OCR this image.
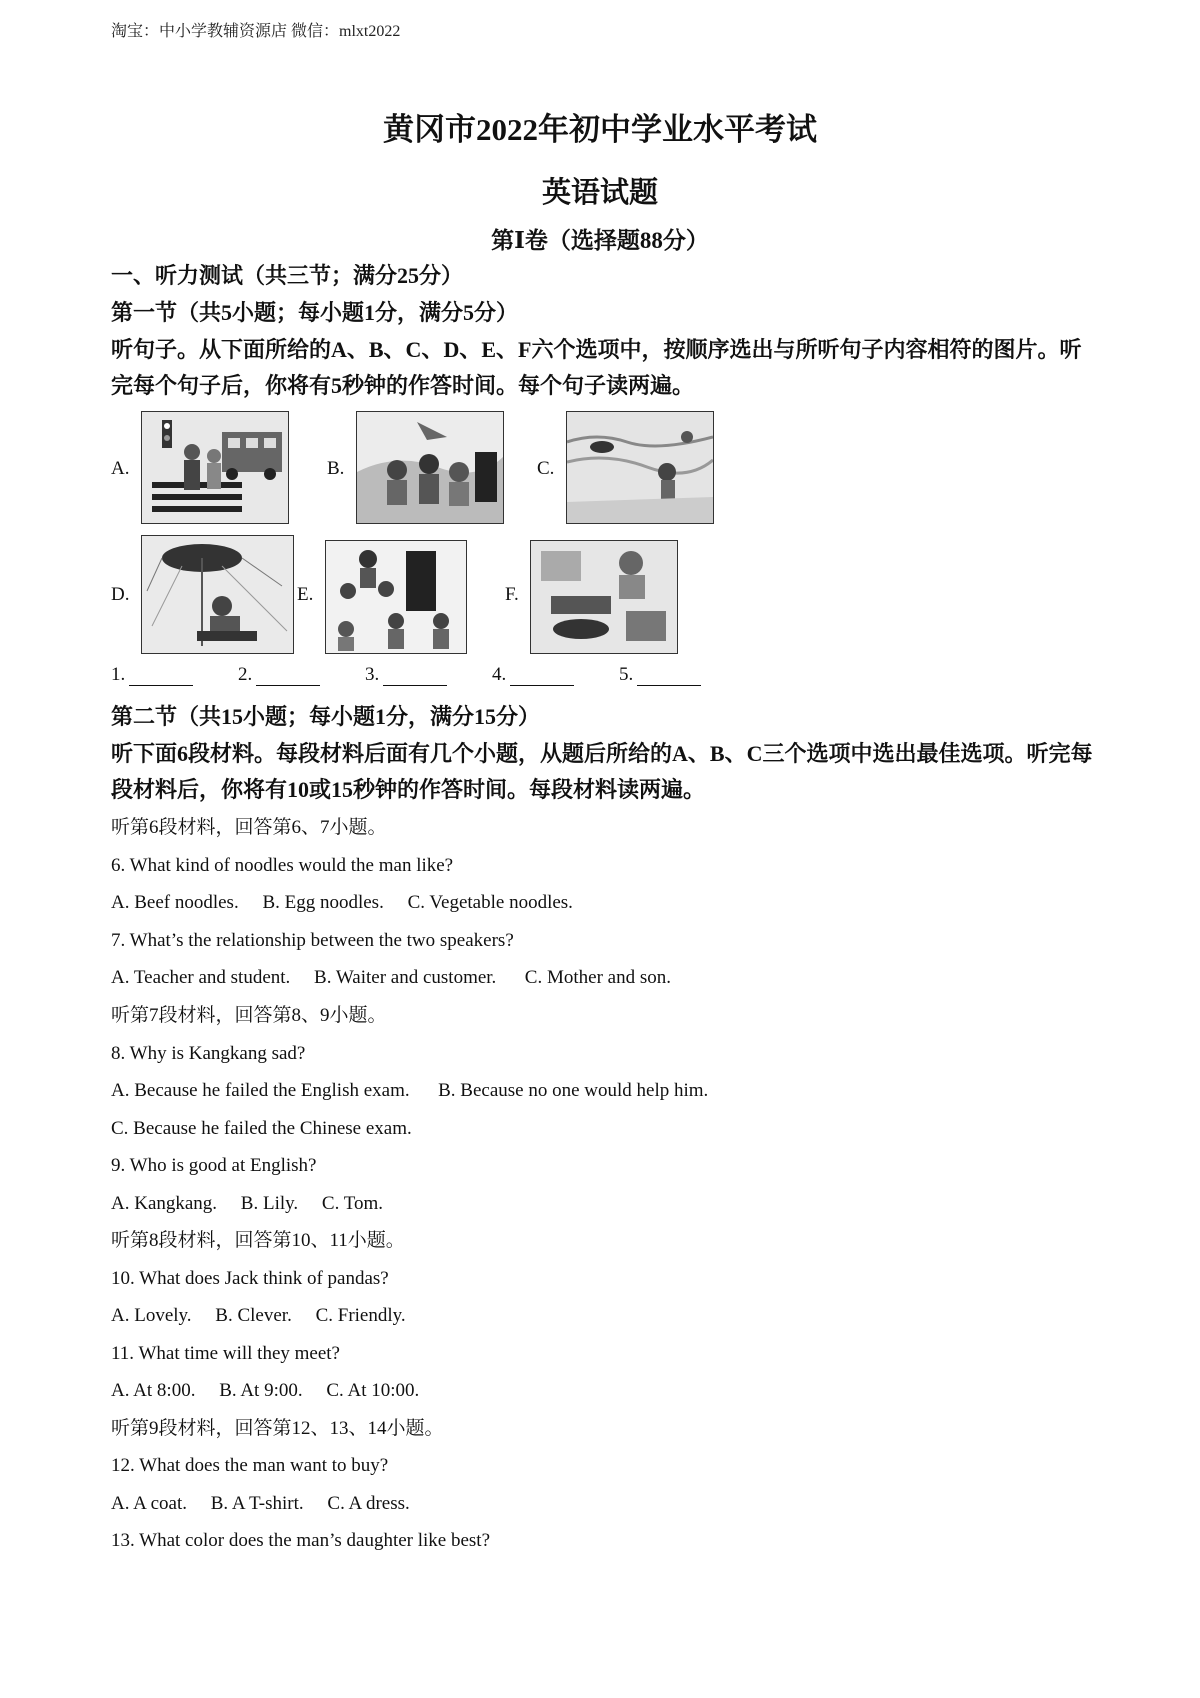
淘宝：中小学教辅资源店 微信：mlxt2022
黄冈市2022年初中学业水平考试
英语试题
第Ⅰ卷（选择题88分）
一、听力测试（共三节；满分25分）
第一节（共5小题；每小题1分，满分5分）
听句子。从下面所给的A、B、C、D、E、F六个选项中，按顺序选出与所听句子内容相符的图片。听完每个句子后，你将有5秒钟的作答时间。每个句子读两遍。
A.	B.	C.
D.	E.	F.
1.	2.	3.	4.	5.
第二节（共15小题；每小题1分，满分15分）
听下面6段材料。每段材料后面有几个小题，从题后所给的A、B、C三个选项中选出最佳选项。听完每段材料后，你将有10或15秒钟的作答时间。每段材料读两遍。
听第6段材料，回答第6、7小题。
6. What kind of noodles would the man like?
A. Beef noodles.     B. Egg noodles.     C. Vegetable noodles.
7. What’s the relationship between the two speakers?
A. Teacher and student.     B. Waiter and customer.      C. Mother and son.
听第7段材料，回答第8、9小题。
8. Why is Kangkang sad?
A. Because he failed the English exam.      B. Because no one would help him.
C. Because he failed the Chinese exam.
9. Who is good at English?
A. Kangkang.     B. Lily.     C. Tom.
听第8段材料，回答第10、11小题。
10. What does Jack think of pandas?
A. Lovely.     B. Clever.     C. Friendly.
11. What time will they meet?
A. At 8:00.     B. At 9:00.     C. At 10:00.
听第9段材料，回答第12、13、14小题。
12. What does the man want to buy?
A. A coat.     B. A T-shirt.     C. A dress.
13. What color does the man’s daughter like best?
